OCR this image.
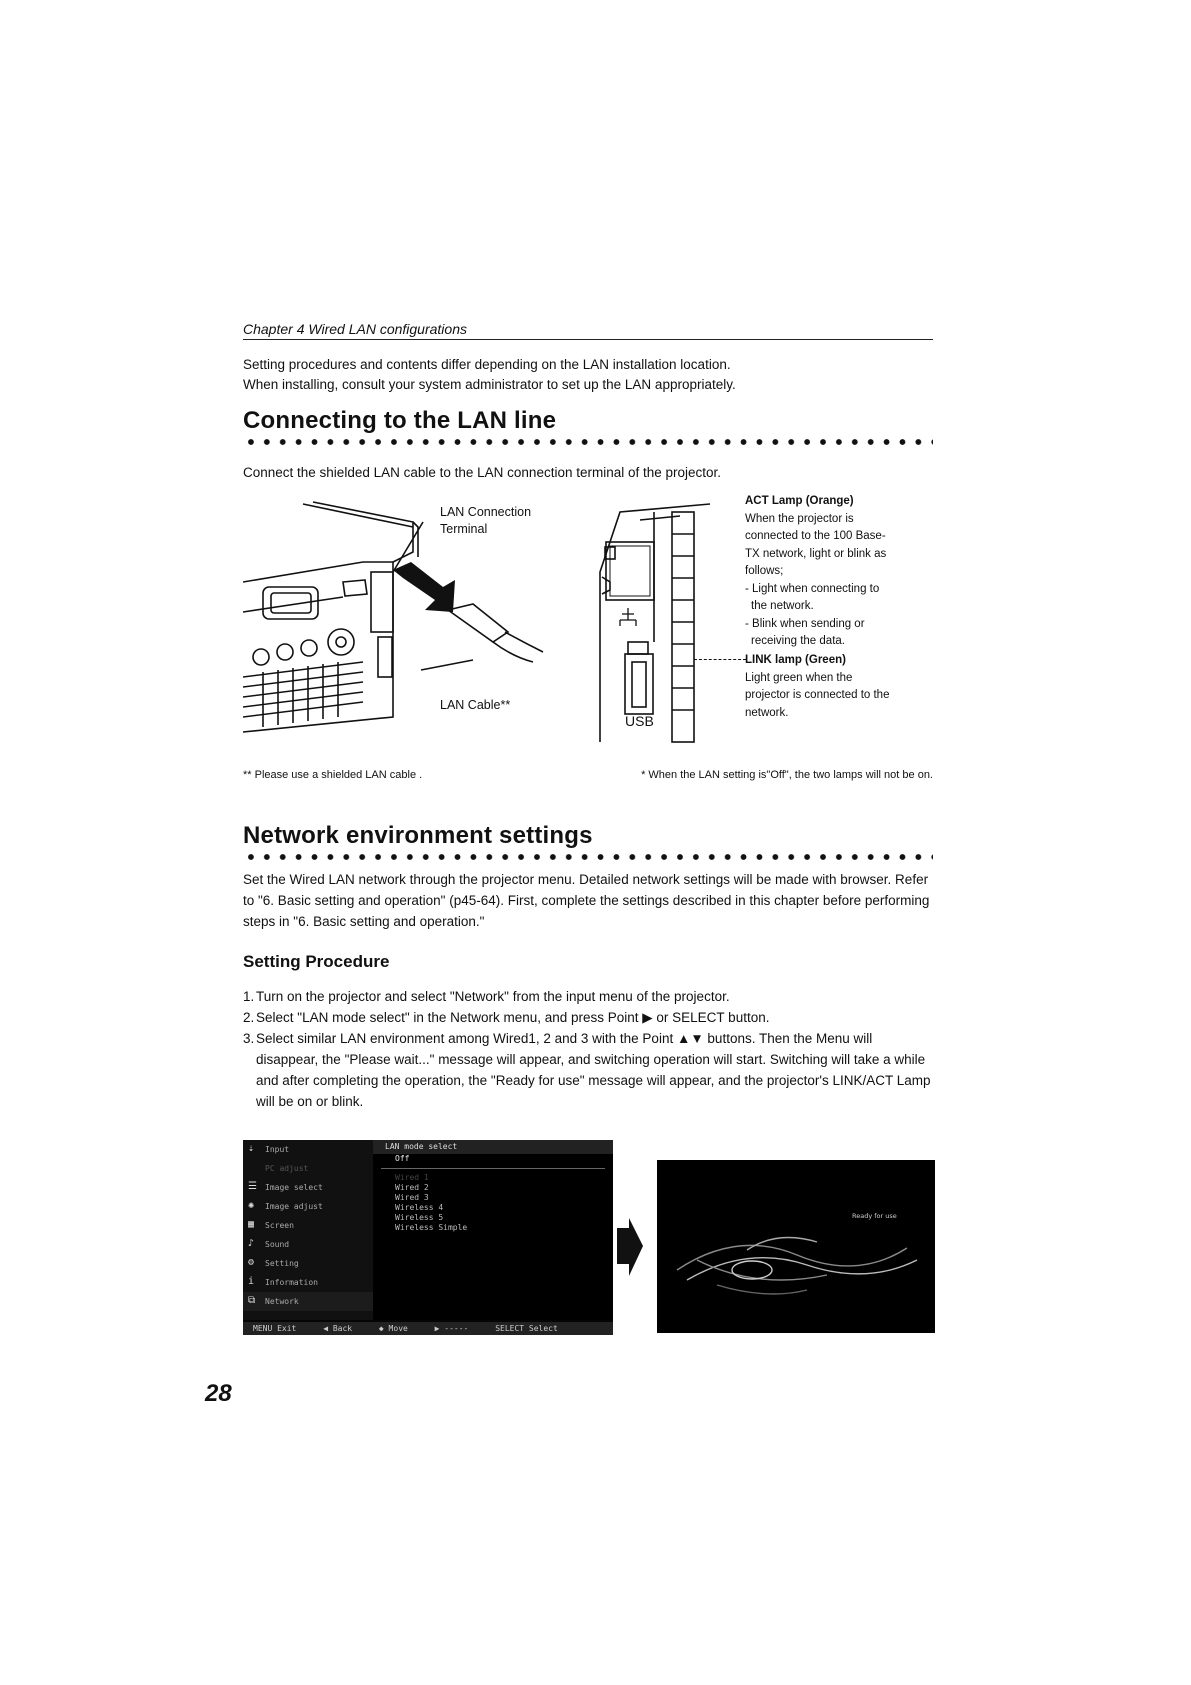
Chapter 4 Wired LAN configurations
Setting procedures and contents differ depending on the LAN installation location.
When installing, consult your system administrator to set up the LAN appropriately.
Connecting to the LAN line
Connect the shielded LAN cable to the LAN connection terminal of the projector.
LAN Connection
Terminal
LAN Cable**
USB
ACT Lamp (Orange)
When the projector is
connected to the 100 Base-
TX network, light or blink as
follows;
- Light when connecting to
the network.
- Blink when sending or
receiving the data.
LINK lamp (Green)
Light green when the
projector is connected to the
network.
** Please use a shielded LAN cable .	* When the LAN setting is"Off", the two lamps will not be on.
Network environment settings
Set the Wired LAN network through the projector menu. Detailed network settings will be made with browser. Refer to "6. Basic setting and operation" (p45-64). First, complete the settings described in this chapter before performing steps in "6. Basic setting and operation."
Setting Procedure
1. Turn on the projector and select "Network" from the input menu of the projector.
2. Select "LAN mode select" in the Network menu, and press Point ▶ or SELECT button.
3. Select similar LAN environment among Wired1, 2 and 3 with the Point ▲▼ buttons. Then the Menu will disappear, the "Please wait..." message will appear, and switching operation will start. Switching will take a while and after completing the operation, the "Ready for use" message will appear, and the projector's LINK/ACT Lamp will be on or blink.
⇣	Input
PC adjust
☰	Image select
✺	Image adjust
▦	Screen
♪	Sound
⚙	Setting
i	Information
⧉	Network
LAN mode select
Off
Wired 1
Wired 2
Wired 3
Wireless 4
Wireless 5
Wireless Simple
MENU Exit	◀ Back	◆ Move	▶ -----	SELECT Select
Ready for use
28
